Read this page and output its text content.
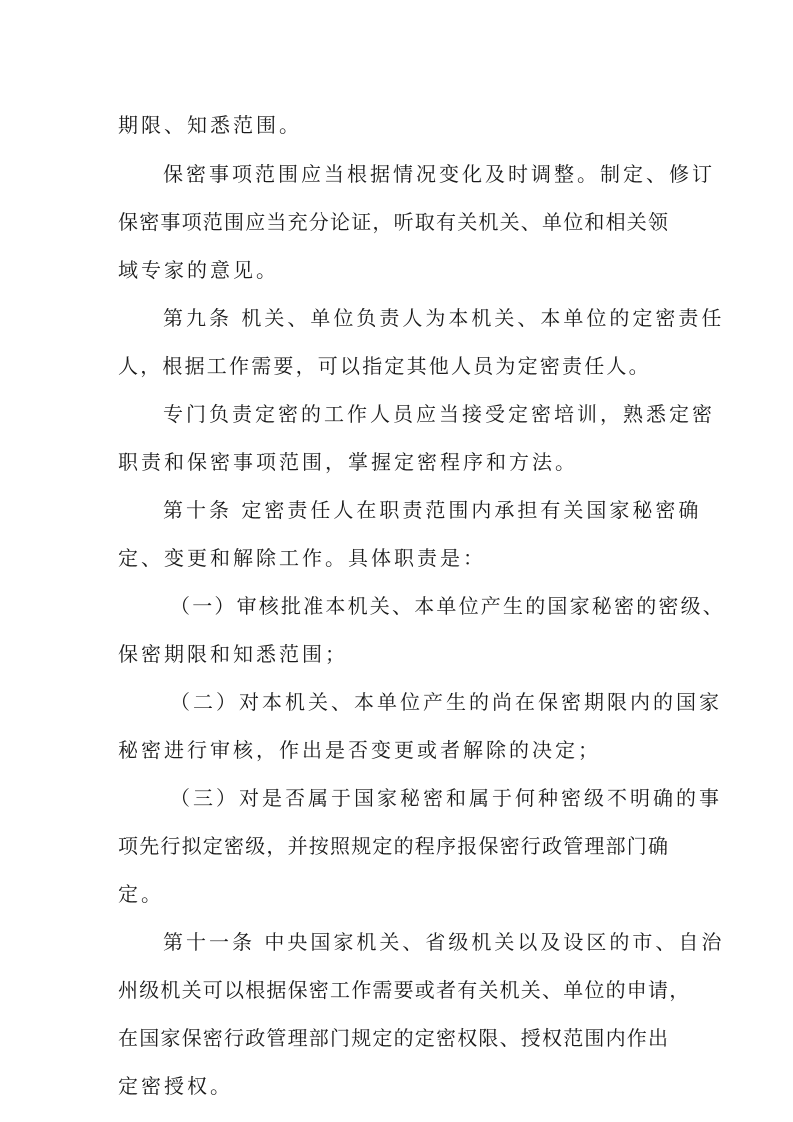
期限、知悉范围。
保密事项范围应当根据情况变化及时调整。制定、修订
保密事项范围应当充分论证，听取有关机关、单位和相关领
域专家的意见。
第九条 机关、单位负责人为本机关、本单位的定密责任
人，根据工作需要，可以指定其他人员为定密责任人。
专门负责定密的工作人员应当接受定密培训，熟悉定密
职责和保密事项范围，掌握定密程序和方法。
第十条 定密责任人在职责范围内承担有关国家秘密确
定、变更和解除工作。具体职责是：
（一）审核批准本机关、本单位产生的国家秘密的密级、
保密期限和知悉范围；
（二）对本机关、本单位产生的尚在保密期限内的国家
秘密进行审核，作出是否变更或者解除的决定；
（三）对是否属于国家秘密和属于何种密级不明确的事
项先行拟定密级，并按照规定的程序报保密行政管理部门确
定。
第十一条 中央国家机关、省级机关以及设区的市、自治
州级机关可以根据保密工作需要或者有关机关、单位的申请，
在国家保密行政管理部门规定的定密权限、授权范围内作出
定密授权。
